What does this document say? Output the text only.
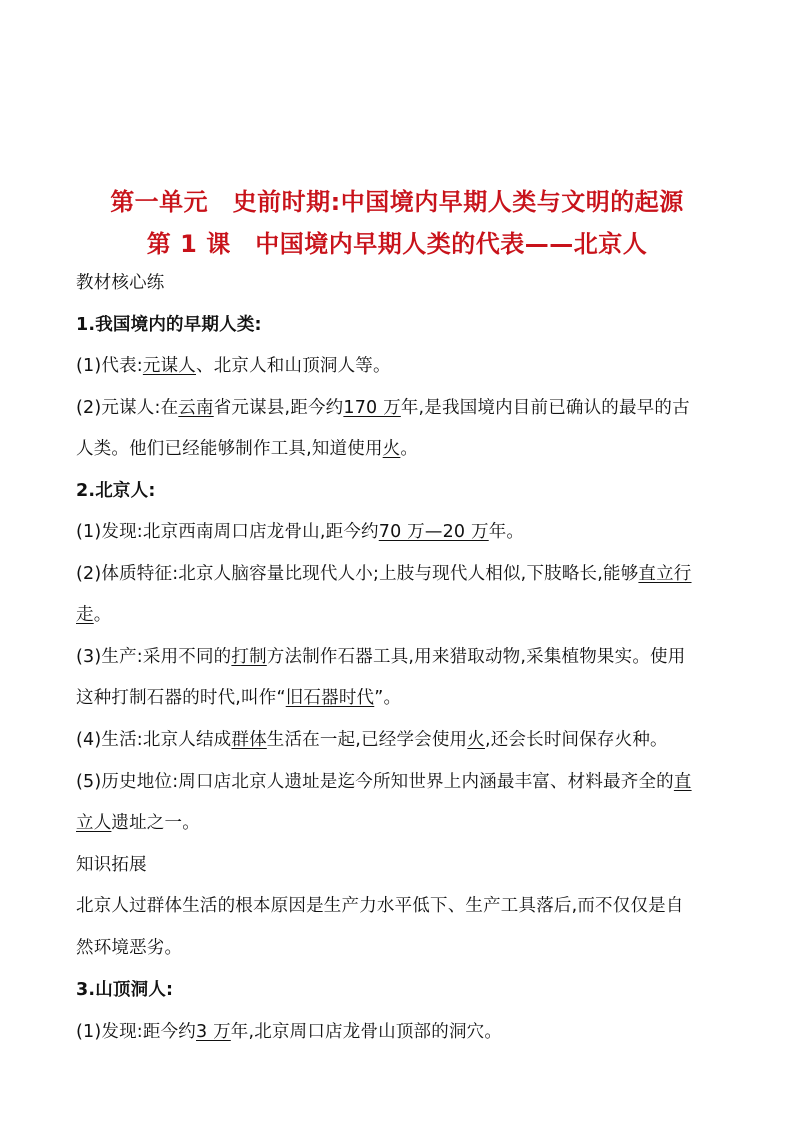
第一单元　史前时期:中国境内早期人类与文明的起源
第 1 课　中国境内早期人类的代表——北京人
教材核心练
1.我国境内的早期人类:
(1)代表:元谋人、北京人和山顶洞人等。
(2)元谋人:在云南省元谋县,距今约170 万年,是我国境内目前已确认的最早的古
人类。他们已经能够制作工具,知道使用火。
2.北京人:
(1)发现:北京西南周口店龙骨山,距今约70 万—20 万年。
(2)体质特征:北京人脑容量比现代人小;上肢与现代人相似,下肢略长,能够直立行
走。
(3)生产:采用不同的打制方法制作石器工具,用来猎取动物,采集植物果实。使用
这种打制石器的时代,叫作“旧石器时代”。
(4)生活:北京人结成群体生活在一起,已经学会使用火,还会长时间保存火种。
(5)历史地位:周口店北京人遗址是迄今所知世界上内涵最丰富、材料最齐全的直
立人遗址之一。
知识拓展
北京人过群体生活的根本原因是生产力水平低下、生产工具落后,而不仅仅是自
然环境恶劣。
3.山顶洞人:
(1)发现:距今约3 万年,北京周口店龙骨山顶部的洞穴。
